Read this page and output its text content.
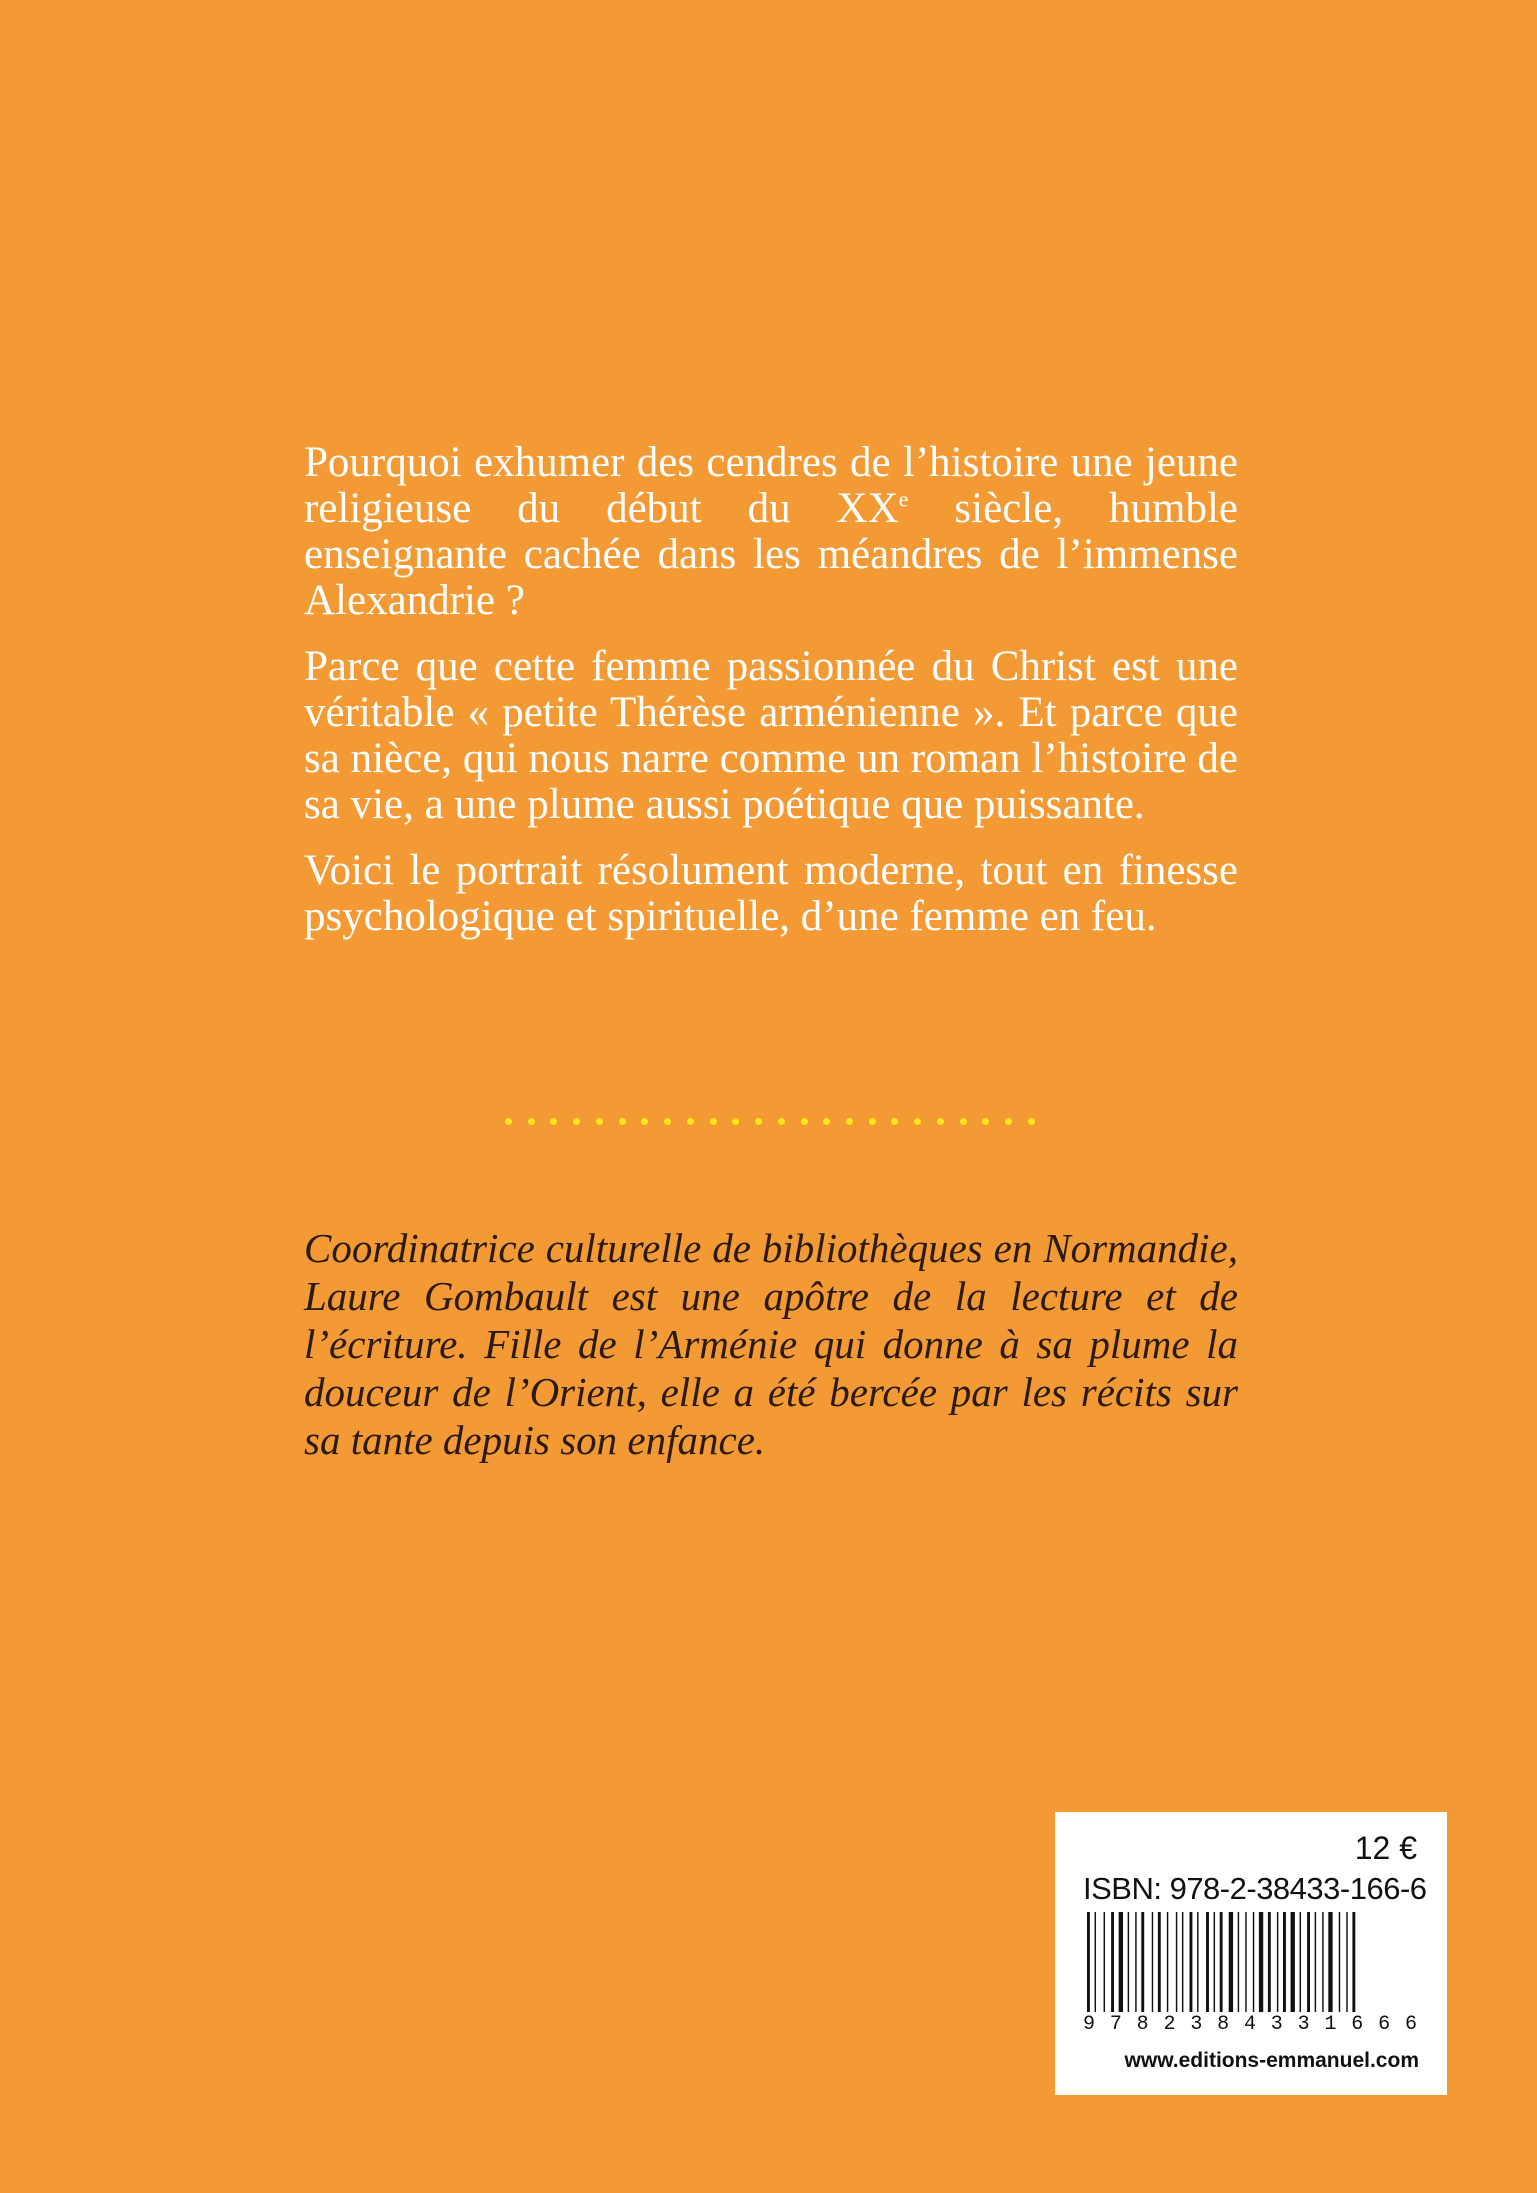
Pourquoi exhumer des cendres de l’histoire une jeune religieuse du début du XXe siècle, humble enseignante cachée dans les méandres de l’immense Alexandrie ?

Parce que cette femme passionnée du Christ est une véritable « petite Thérèse arménienne ». Et parce que sa nièce, qui nous narre comme un roman l’histoire de sa vie, a une plume aussi poétique que puissante.

Voici le portrait résolument moderne, tout en finesse psychologique et spirituelle, d’une femme en feu.

Coordinatrice culturelle de bibliothèques en Normandie, Laure Gombault est une apôtre de la lecture et de l’écriture. Fille de l’Arménie qui donne à sa plume la douceur de l’Orient, elle a été bercée par les récits sur sa tante depuis son enfance.

12 €
ISBN: 978-2-38433-166-6
9 7 8 2 3 8 4 3 3 1 6 6 6
www.editions-emmanuel.com
